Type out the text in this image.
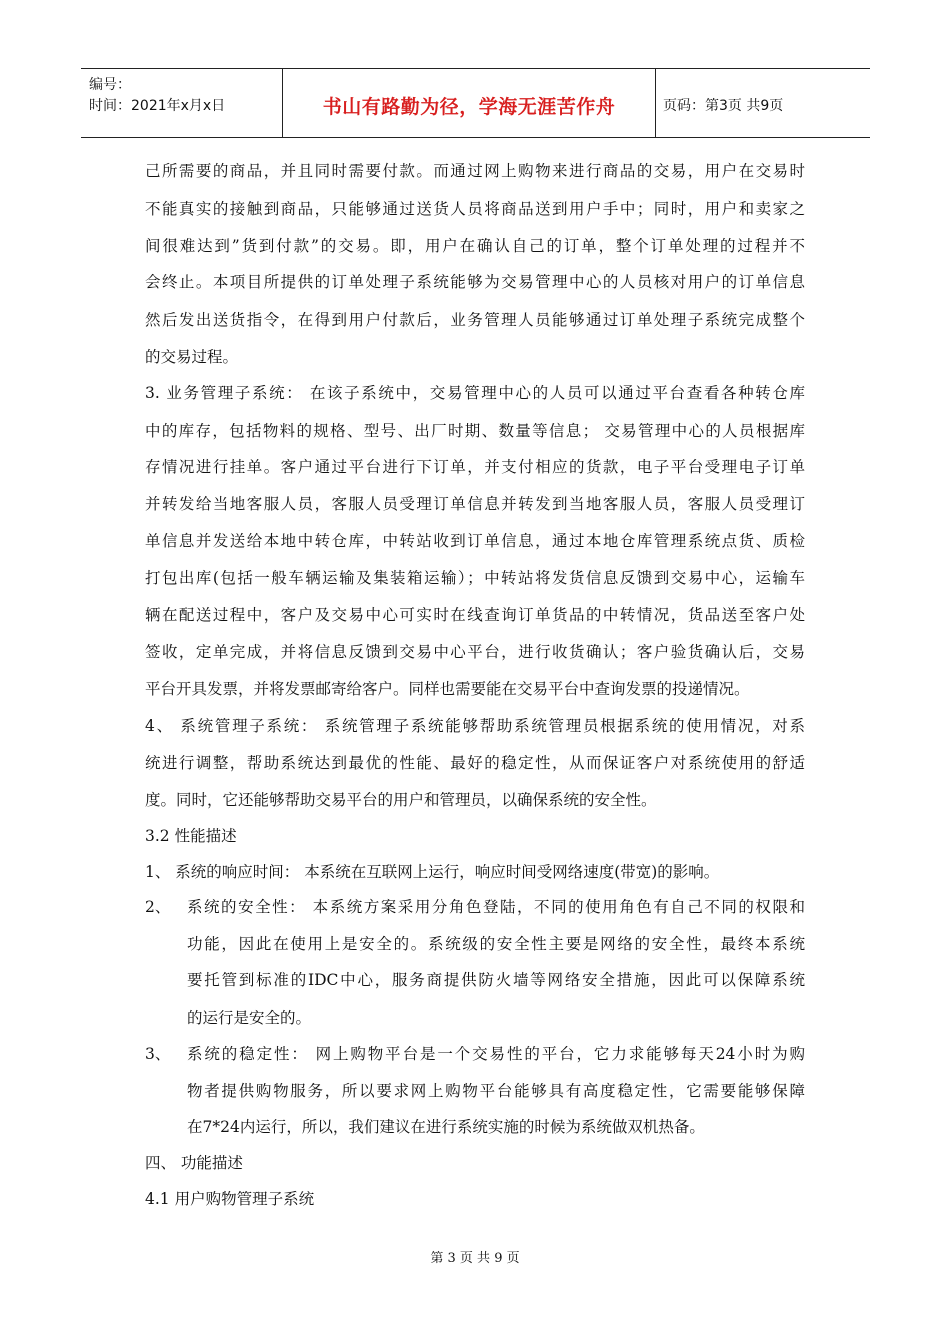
编号：
时间：2021年x月x日	书山有路勤为径，学海无涯苦作舟	页码：第3页 共9页
己所需要的商品，并且同时需要付款。而通过网上购物来进行商品的交易，用户在交易时
不能真实的接触到商品，只能够通过送货人员将商品送到用户手中；同时，用户和卖家之
间很难达到”货到付款”的交易。即，用户在确认自己的订单，整个订单处理的过程并不
会终止。本项目所提供的订单处理子系统能够为交易管理中心的人员核对用户的订单信息
然后发出送货指令，在得到用户付款后，业务管理人员能够通过订单处理子系统完成整个
的交易过程。
3. 业务管理子系统： 在该子系统中，交易管理中心的人员可以通过平台查看各种转仓库
中的库存，包括物料的规格、型号、出厂时期、数量等信息； 交易管理中心的人员根据库
存情况进行挂单。客户通过平台进行下订单，并支付相应的货款，电子平台受理电子订单
并转发给当地客服人员，客服人员受理订单信息并转发到当地客服人员，客服人员受理订
单信息并发送给本地中转仓库，中转站收到订单信息，通过本地仓库管理系统点货、质检
打包出库(包括一般车辆运输及集装箱运输）；中转站将发货信息反馈到交易中心，运输车
辆在配送过程中，客户及交易中心可实时在线查询订单货品的中转情况，货品送至客户处
签收，定单完成，并将信息反馈到交易中心平台，进行收货确认；客户验货确认后，交易
平台开具发票，并将发票邮寄给客户。同样也需要能在交易平台中查询发票的投递情况。
4、 系统管理子系统： 系统管理子系统能够帮助系统管理员根据系统的使用情况，对系
统进行调整，帮助系统达到最优的性能、最好的稳定性，从而保证客户对系统使用的舒适
度。同时，它还能够帮助交易平台的用户和管理员，以确保系统的安全性。
3.2 性能描述
1、 系统的响应时间： 本系统在互联网上运行，响应时间受网络速度(带宽)的影响。
2、 系统的安全性： 本系统方案采用分角色登陆，不同的使用角色有自己不同的权限和
功能，因此在使用上是安全的。系统级的安全性主要是网络的安全性，最终本系统
要托管到标准的IDC中心，服务商提供防火墙等网络安全措施，因此可以保障系统
的运行是安全的。
3、 系统的稳定性： 网上购物平台是一个交易性的平台，它力求能够每天24小时为购
物者提供购物服务，所以要求网上购物平台能够具有高度稳定性，它需要能够保障
在7*24内运行，所以，我们建议在进行系统实施的时候为系统做双机热备。
四、 功能描述
4.1 用户购物管理子系统
第 3 页 共 9 页
